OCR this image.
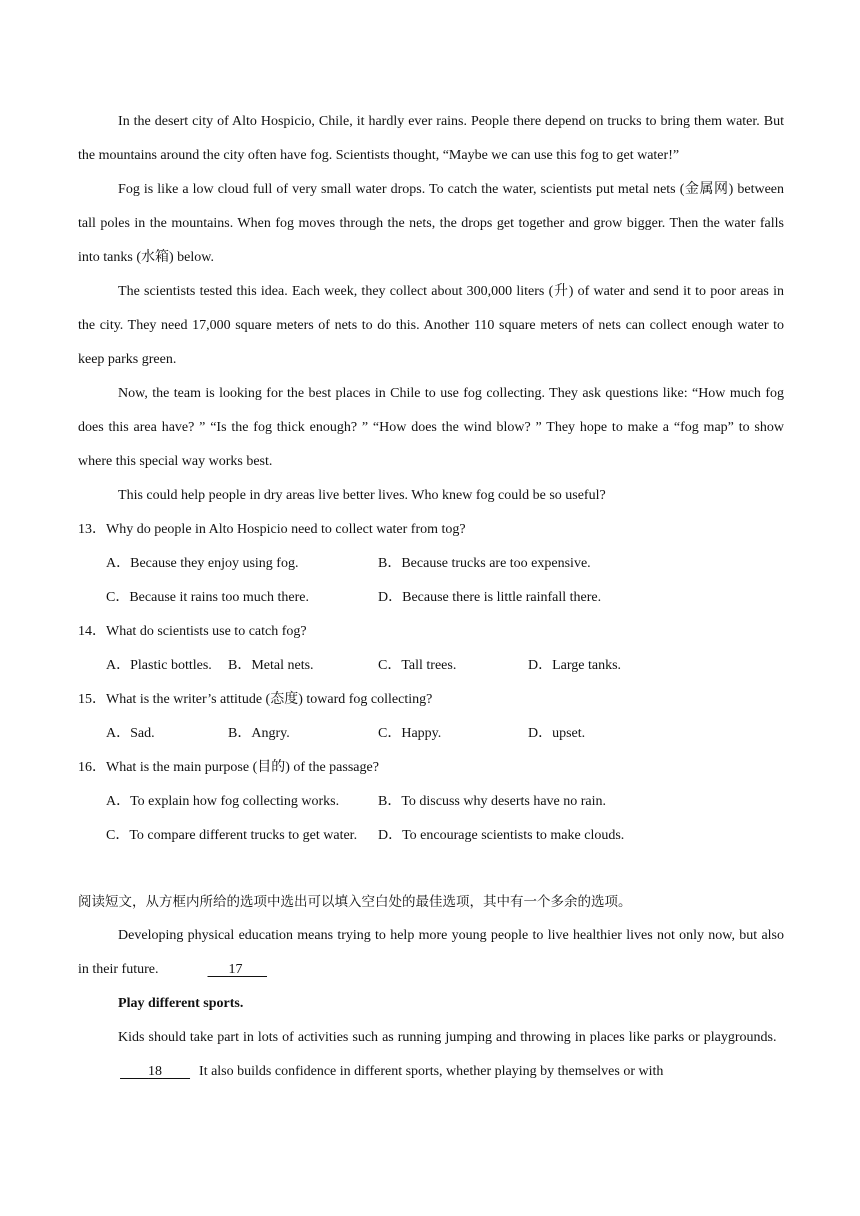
In the desert city of Alto Hospicio, Chile, it hardly ever rains. People there depend on trucks to bring them water. But the mountains around the city often have fog. Scientists thought, “Maybe we can use this fog to get water!”

Fog is like a low cloud full of very small water drops. To catch the water, scientists put metal nets (金属网) between tall poles in the mountains. When fog moves through the nets, the drops get together and grow bigger. Then the water falls into tanks (水箱) below.

The scientists tested this idea. Each week, they collect about 300,000 liters (升) of water and send it to poor areas in the city. They need 17,000 square meters of nets to do this. Another 110 square meters of nets can collect enough water to keep parks green.

Now, the team is looking for the best places in Chile to use fog collecting. They ask questions like: “How much fog does this area have? ” “Is the fog thick enough? ” “How does the wind blow? ” They hope to make a “fog map” to show where this special way works best.

This could help people in dry areas live better lives. Who knew fog could be so useful?

13．Why do people in Alto Hospicio need to collect water from tog?
A．Because they enjoy using fog.	B．Because trucks are too expensive.
C．Because it rains too much there.	D．Because there is little rainfall there.
14．What do scientists use to catch fog?
A．Plastic bottles. B．Metal nets.	C．Tall trees.	D．Large tanks.
15．What is the writer’s attitude (态度) toward fog collecting?
A．Sad.	B．Angry.	C．Happy.	D．upset.
16．What is the main purpose (目的) of the passage?
A．To explain how fog collecting works.	B．To discuss why deserts have no rain.
C．To compare different trucks to get water. D．To encourage scientists to make clouds.

阅读短文，从方框内所给的选项中选出可以填入空白处的最佳选项，其中有一个多余的选项。

Developing physical education means trying to help more young people to live healthier lives not only now, but also in their future.	17

Play different sports.

Kids should take part in lots of activities such as running jumping and throwing in places like parks or playgrounds.          18	It also builds confidence in different sports, whether playing by themselves or with
